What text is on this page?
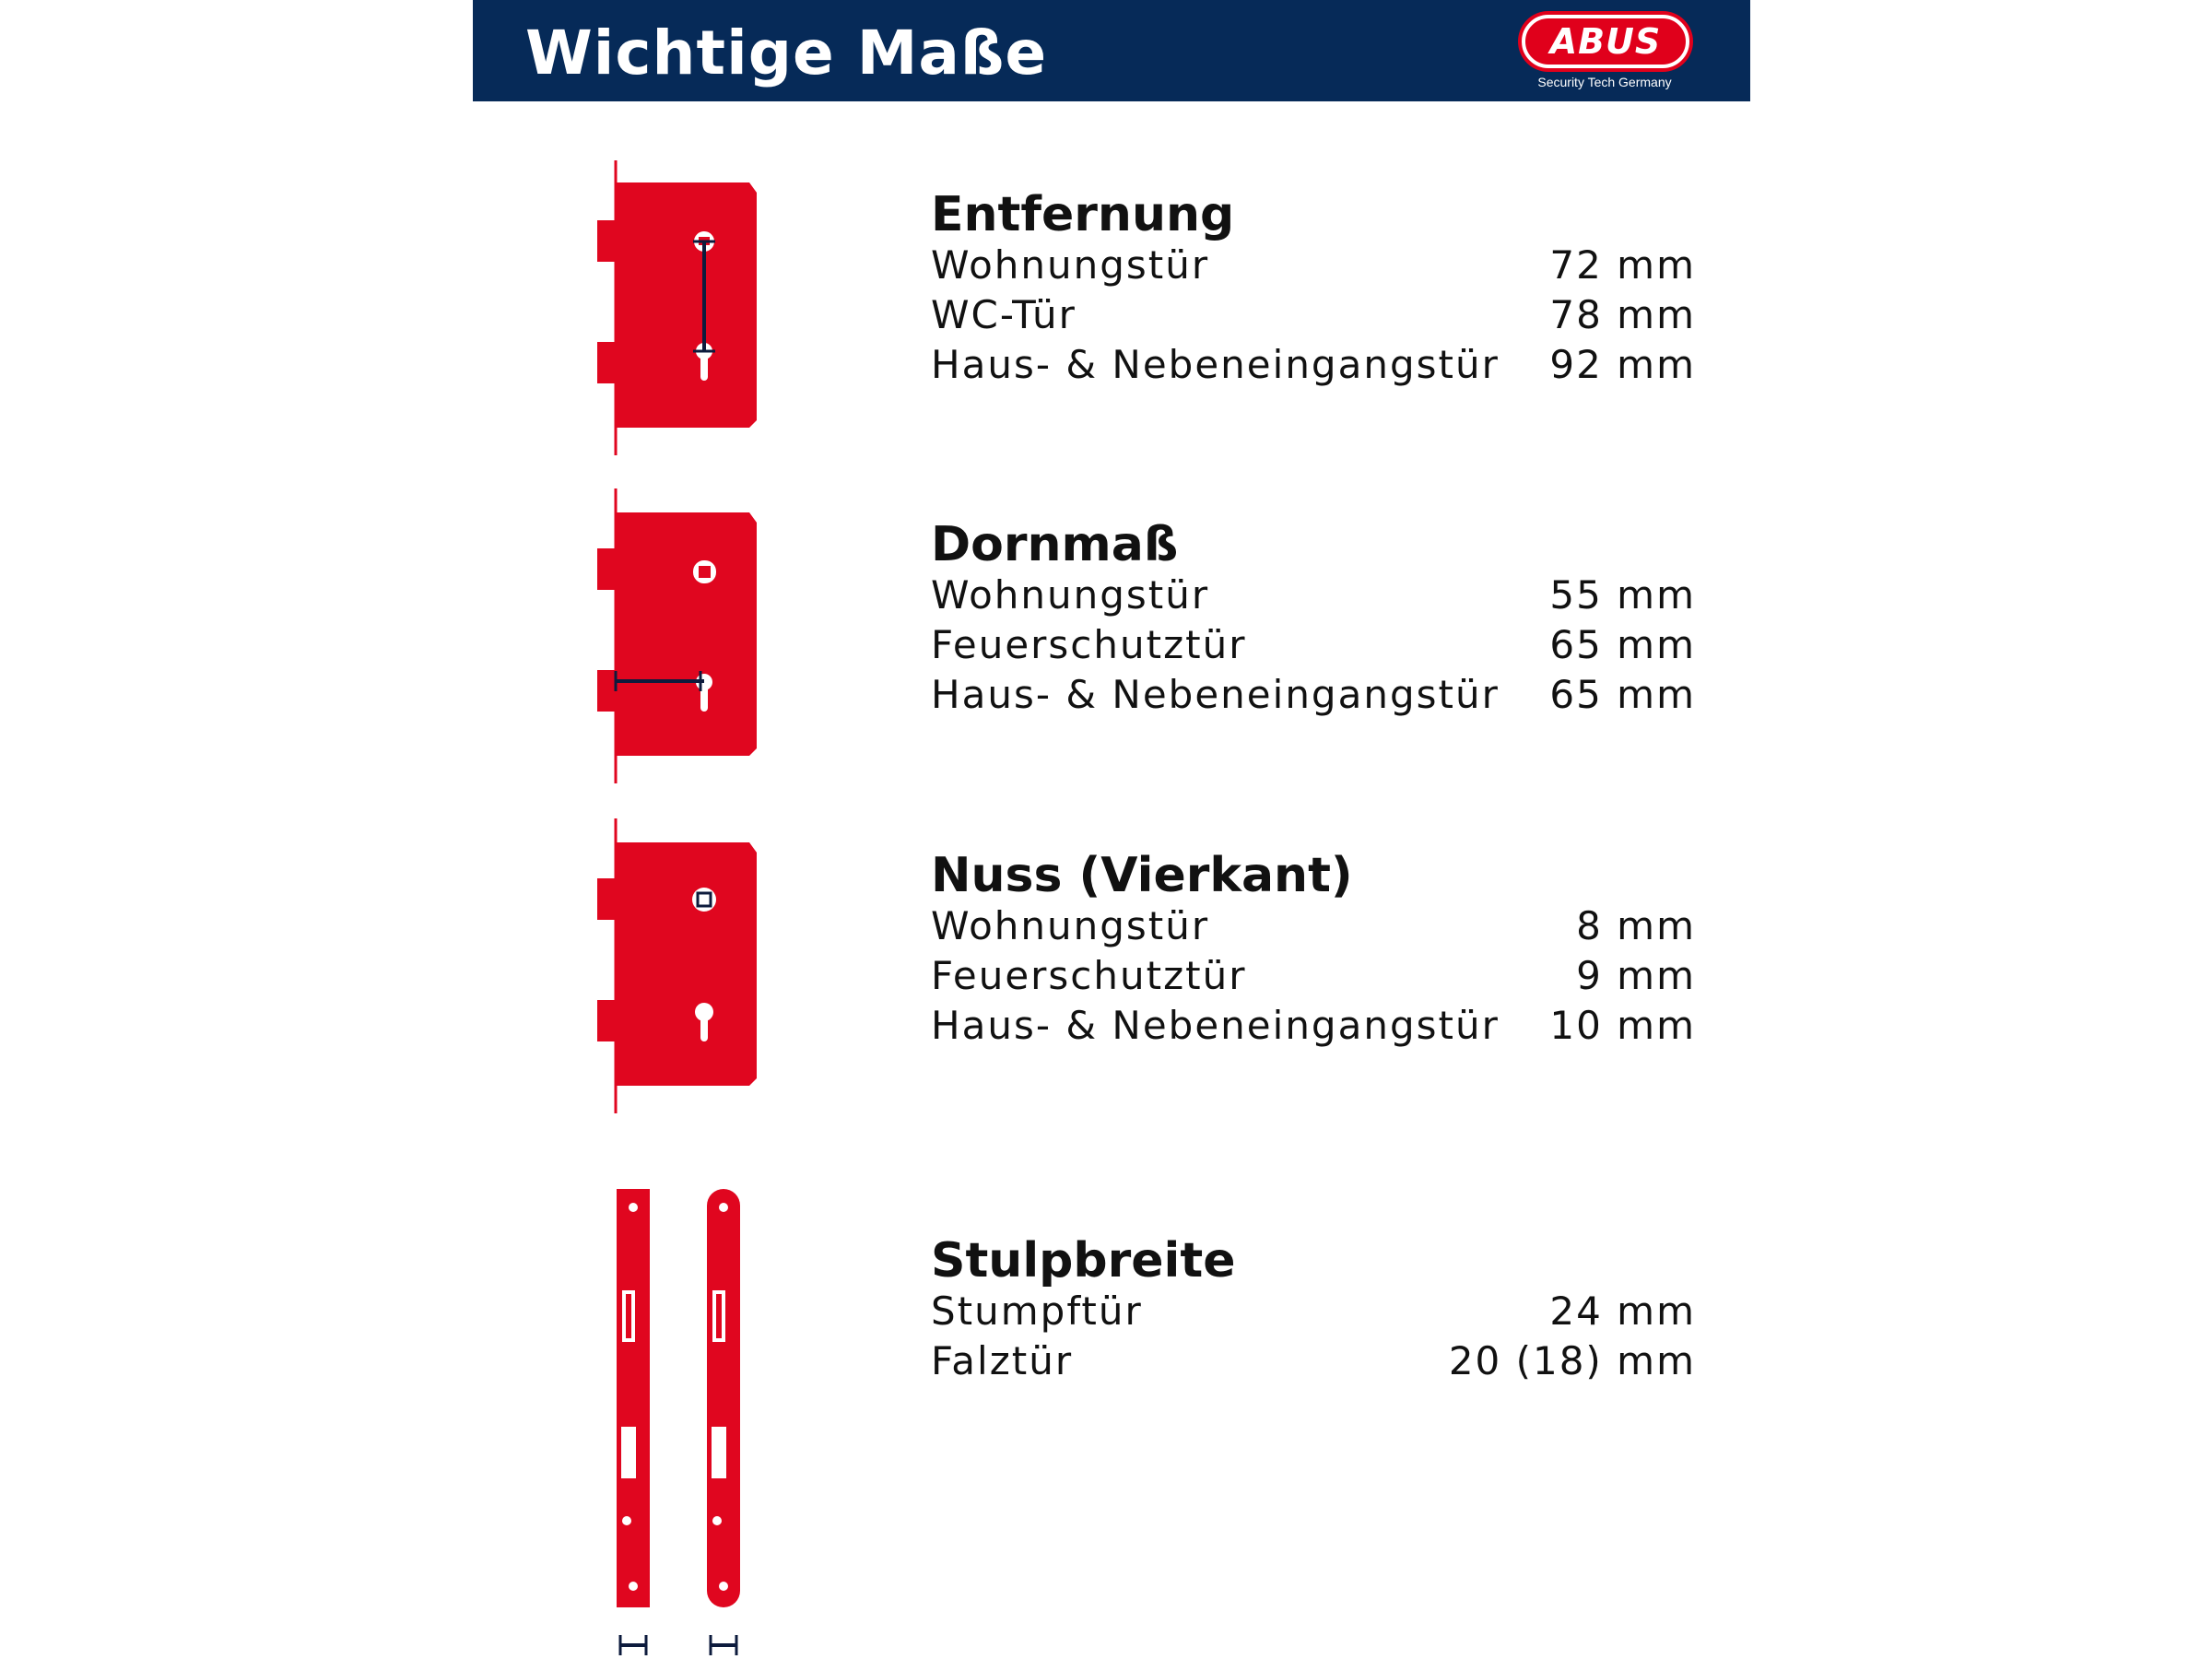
Wichtige Maße	ABUS
Security Tech Germany
Entfernung
Wohnungstür	72 mm
WC-Tür	78 mm
Haus- & Nebeneingangstür 92 mm
Dornmaß
Wohnungstür	55 mm
Feuerschutztür	65 mm
Haus- & Nebeneingangstür 65 mm
Nuss (Vierkant)
Wohnungstür	8 mm
Feuerschutztür	9 mm
Haus- & Nebeneingangstür 10 mm
Stulpbreite
Stumpftür	24 mm
Falztür	20 (18) mm
